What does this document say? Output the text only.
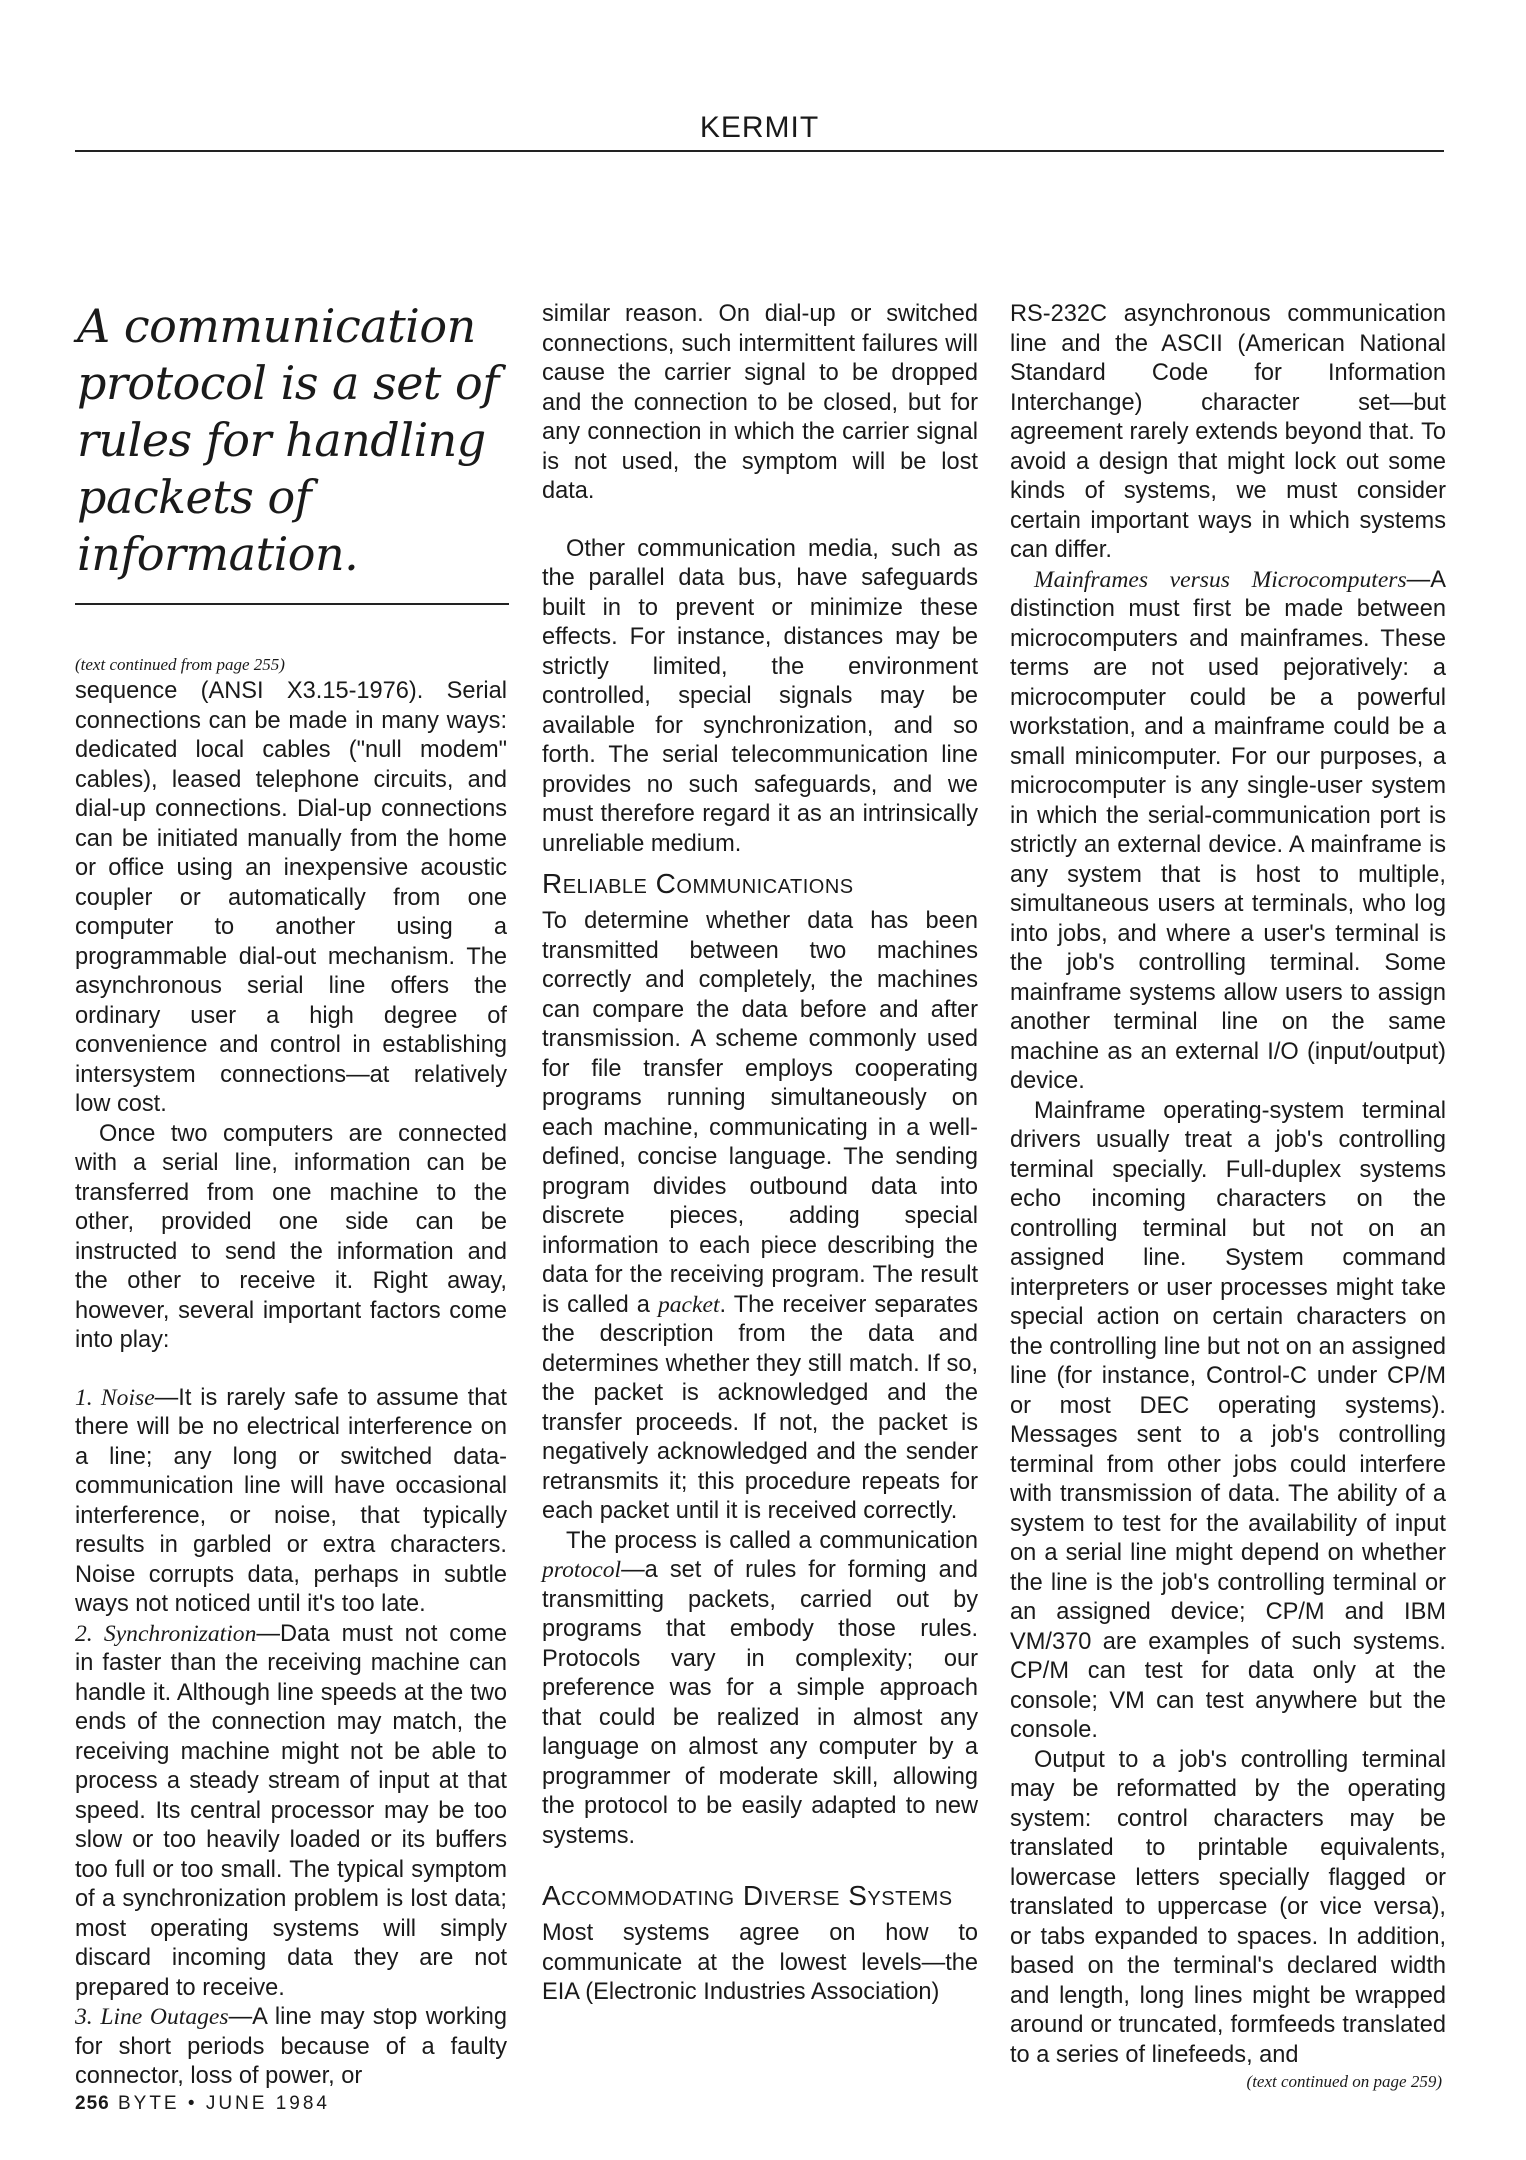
KERMIT

A communication protocol is a set of rules for handling packets of information.

(text continued from page 255)

sequence (ANSI X3.15-1976). Serial connections can be made in many ways: dedicated local cables ("null modem" cables), leased telephone circuits, and dial-up connections. Dial-up connections can be initiated manually from the home or office using an inexpensive acoustic coupler or automatically from one computer to another using a programmable dial-out mechanism. The asynchronous serial line offers the ordinary user a high degree of convenience and control in establishing intersystem connections—at relatively low cost.

Once two computers are connected with a serial line, information can be transferred from one machine to the other, provided one side can be instructed to send the information and the other to receive it. Right away, however, several important factors come into play:

1. Noise—It is rarely safe to assume that there will be no electrical interference on a line; any long or switched data-communication line will have occasional interference, or noise, that typically results in garbled or extra characters. Noise corrupts data, perhaps in subtle ways not noticed until it's too late.

2. Synchronization—Data must not come in faster than the receiving machine can handle it. Although line speeds at the two ends of the connection may match, the receiving machine might not be able to process a steady stream of input at that speed. Its central processor may be too slow or too heavily loaded or its buffers too full or too small. The typical symptom of a synchronization problem is lost data; most operating systems will simply discard incoming data they are not prepared to receive.

3. Line Outages—A line may stop working for short periods because of a faulty connector, loss of power, or

similar reason. On dial-up or switched connections, such intermittent failures will cause the carrier signal to be dropped and the connection to be closed, but for any connection in which the carrier signal is not used, the symptom will be lost data.

Other communication media, such as the parallel data bus, have safeguards built in to prevent or minimize these effects. For instance, distances may be strictly limited, the environment controlled, special signals may be available for synchronization, and so forth. The serial telecommunication line provides no such safeguards, and we must therefore regard it as an intrinsically unreliable medium.

Reliable Communications

To determine whether data has been transmitted between two machines correctly and completely, the machines can compare the data before and after transmission. A scheme commonly used for file transfer employs cooperating programs running simultaneously on each machine, communicating in a well-defined, concise language. The sending program divides outbound data into discrete pieces, adding special information to each piece describing the data for the receiving program. The result is called a packet. The receiver separates the description from the data and determines whether they still match. If so, the packet is acknowledged and the transfer proceeds. If not, the packet is negatively acknowledged and the sender retransmits it; this procedure repeats for each packet until it is received correctly.

The process is called a communication protocol—a set of rules for forming and transmitting packets, carried out by programs that embody those rules. Protocols vary in complexity; our preference was for a simple approach that could be realized in almost any language on almost any computer by a programmer of moderate skill, allowing the protocol to be easily adapted to new systems.

Accommodating Diverse Systems

Most systems agree on how to communicate at the lowest levels—the EIA (Electronic Industries Association)

RS-232C asynchronous communication line and the ASCII (American National Standard Code for Information Interchange) character set—but agreement rarely extends beyond that. To avoid a design that might lock out some kinds of systems, we must consider certain important ways in which systems can differ.

Mainframes versus Microcomputers—A distinction must first be made between microcomputers and mainframes. These terms are not used pejoratively: a microcomputer could be a powerful workstation, and a mainframe could be a small minicomputer. For our purposes, a microcomputer is any single-user system in which the serial-communication port is strictly an external device. A mainframe is any system that is host to multiple, simultaneous users at terminals, who log into jobs, and where a user's terminal is the job's controlling terminal. Some mainframe systems allow users to assign another terminal line on the same machine as an external I/O (input/output) device.

Mainframe operating-system terminal drivers usually treat a job's controlling terminal specially. Full-duplex systems echo incoming characters on the controlling terminal but not on an assigned line. System command interpreters or user processes might take special action on certain characters on the controlling line but not on an assigned line (for instance, Control-C under CP/M or most DEC operating systems). Messages sent to a job's controlling terminal from other jobs could interfere with transmission of data. The ability of a system to test for the availability of input on a serial line might depend on whether the line is the job's controlling terminal or an assigned device; CP/M and IBM VM/370 are examples of such systems. CP/M can test for data only at the console; VM can test anywhere but the console.

Output to a job's controlling terminal may be reformatted by the operating system: control characters may be translated to printable equivalents, lowercase letters specially flagged or translated to uppercase (or vice versa), or tabs expanded to spaces. In addition, based on the terminal's declared width and length, long lines might be wrapped around or truncated, formfeeds translated to a series of linefeeds, and

(text continued on page 259)

256 BYTE • JUNE 1984
